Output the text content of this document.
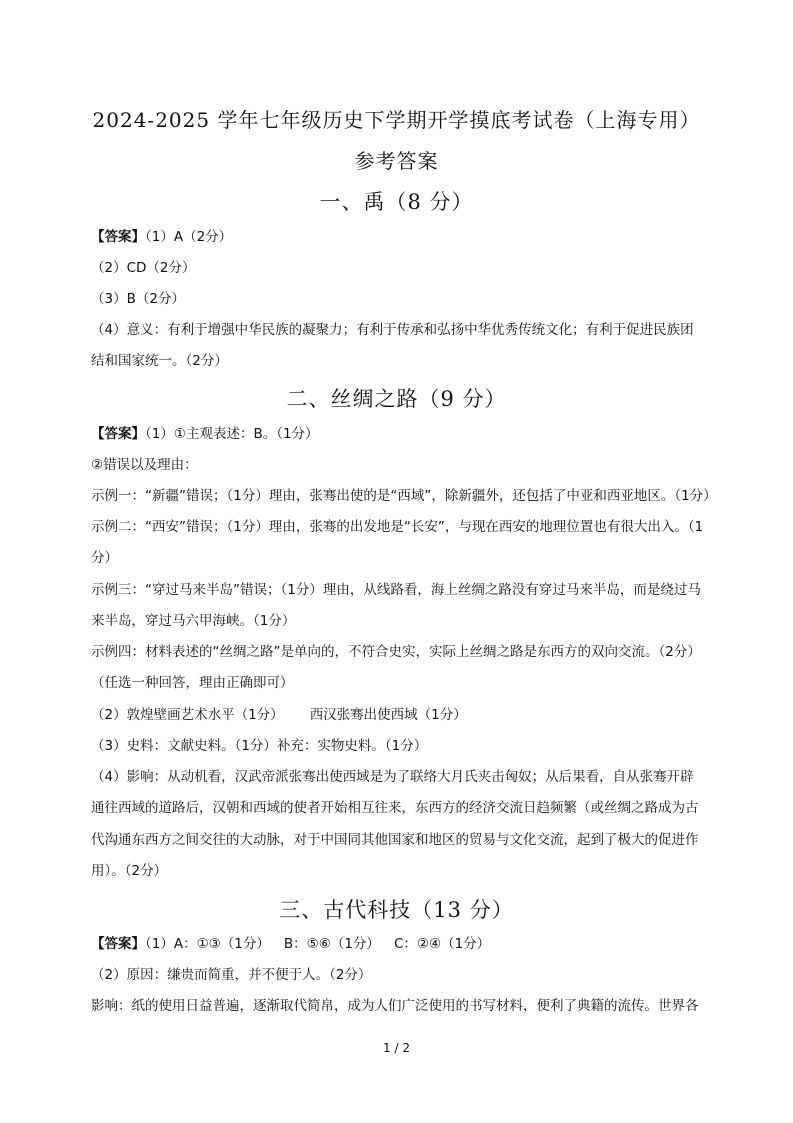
2024-2025 学年七年级历史下学期开学摸底考试卷（上海专用）
参考答案
一、禹（8 分）
【答案】（1）A（2分）
（2）CD（2分）
（3）B（2分）
（4）意义：有利于增强中华民族的凝聚力；有利于传承和弘扬中华优秀传统文化；有利于促进民族团
结和国家统一。（2分）
二、丝绸之路（9 分）
【答案】（1）①主观表述：B。（1分）
②错误以及理由：
示例一：“新疆”错误；（1分）理由，张骞出使的是“西域”，除新疆外，还包括了中亚和西亚地区。（1分）
示例二：“西安”错误；（1分）理由，张骞的出发地是“长安”，与现在西安的地理位置也有很大出入。（1
分）
示例三：“穿过马来半岛”错误；（1分）理由，从线路看，海上丝绸之路没有穿过马来半岛，而是绕过马
来半岛，穿过马六甲海峡。（1分）
示例四：材料表述的“丝绸之路”是单向的，不符合史实，实际上丝绸之路是东西方的双向交流。（2分）
（任选一种回答，理由正确即可）
（2）敦煌壁画艺术水平（1分） 西汉张骞出使西域（1分）
（3）史料：文献史料。（1分）补充：实物史料。（1分）
（4）影响：从动机看，汉武帝派张骞出使西域是为了联络大月氏夹击匈奴；从后果看，自从张骞开辟
通往西域的道路后，汉朝和西域的使者开始相互往来，东西方的经济交流日趋频繁（或丝绸之路成为古
代沟通东西方之间交往的大动脉，对于中国同其他国家和地区的贸易与文化交流，起到了极大的促进作
用）。（2分）
三、古代科技（13 分）
【答案】（1）A：①③（1分） B：⑤⑥（1分） C：②④（1分）
（2）原因：缣贵而简重，并不便于人。（2分）
影响：纸的使用日益普遍，逐渐取代简帛，成为人们广泛使用的书写材料，便利了典籍的流传。世界各
1 / 2
